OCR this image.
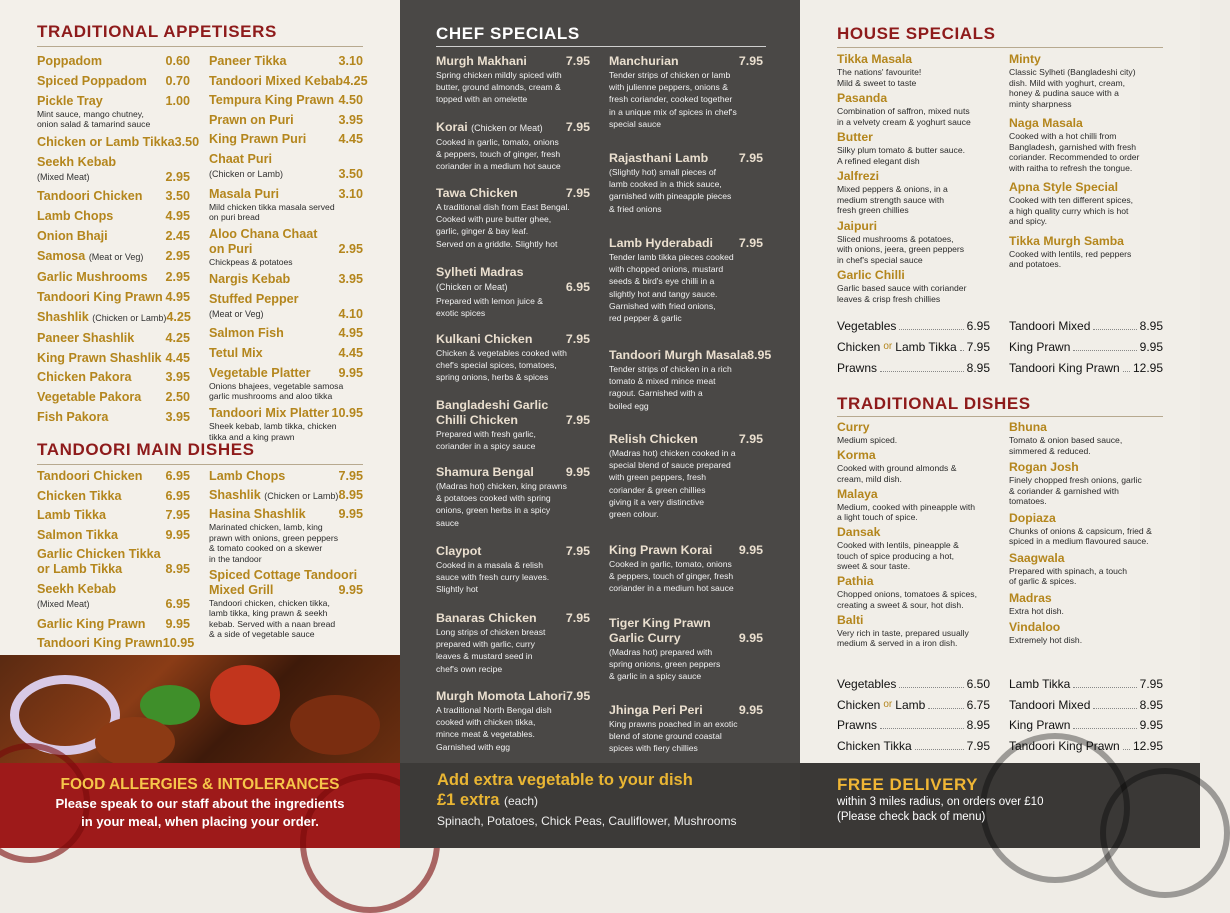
TRADITIONAL APPETISERS
Poppadom	0.60
Spiced Poppadom 0.70
Pickle Tray	1.00
Mint sauce, mango chutney,
onion salad & tamarind sauce
Chicken or Lamb Tikka 3.50
Seekh Kebab
(Mixed Meat)	2.95
Tandoori Chicken 3.50
Lamb Chops	4.95
Onion Bhaji	2.45
Samosa (Meat or Veg) 2.95
Garlic Mushrooms 2.95
Tandoori King Prawn 4.95
Shashlik (Chicken or Lamb) 4.25
Paneer Shashlik 4.25
King Prawn Shashlik 4.45
Chicken Pakora	3.95
Vegetable Pakora 2.50
Fish Pakora	3.95
Paneer Tikka	3.10
Tandoori Mixed Kebab 4.25
Tempura King Prawn 4.50
Prawn on Puri	3.95
King Prawn Puri	4.45
Chaat Puri
(Chicken or Lamb)	3.50
Masala Puri	3.10
Mild chicken tikka masala served
on puri bread
Aloo Chana Chaat
on Puri	2.95
Chickpeas & potatoes
Nargis Kebab	3.95
Stuffed Pepper
(Meat or Veg)	4.10
Salmon Fish	4.95
Tetul Mix	4.45
Vegetable Platter 9.95
Onions bhajees, vegetable samosa
garlic mushrooms and aloo tikka
Tandoori Mix Platter 10.95
Sheek kebab, lamb tikka, chicken
tikka and a king prawn
TANDOORI MAIN DISHES
Tandoori Chicken 6.95
Chicken Tikka	6.95
Lamb Tikka	7.95
Salmon Tikka	9.95
Garlic Chicken Tikka
or Lamb Tikka	8.95
Seekh Kebab
(Mixed Meat)	6.95
Garlic King Prawn 9.95
Tandoori King Prawn 10.95
Lamb Chops	7.95
Shashlik (Chicken or Lamb) 8.95
Hasina Shashlik	9.95
Marinated chicken, lamb, king
prawn with onions, green peppers
& tomato cooked on a skewer
in the tandoor
Spiced Cottage Tandoori
Mixed Grill	9.95
Tandoori chicken, chicken tikka,
lamb tikka, king prawn & seekh
kebab. Served with a naan bread
& a side of vegetable sauce
CHEF SPECIALS
Murgh Makhani	7.95
Spring chicken mildly spiced with
butter, ground almonds, cream &
topped with an omelette
Korai (Chicken or Meat) 7.95
Cooked in garlic, tomato, onions
& peppers, touch of ginger, fresh
coriander in a medium hot sauce
Tawa Chicken	7.95
A traditional dish from East Bengal.
Cooked with pure butter ghee,
garlic, ginger & bay leaf.
Served on a griddle. Slightly hot
Sylheti Madras
(Chicken or Meat)	6.95
Prepared with lemon juice &
exotic spices
Kulkani Chicken	7.95
Chicken & vegetables cooked with
chef's special spices, tomatoes,
spring onions, herbs & spices
Bangladeshi Garlic
Chilli Chicken	7.95
Prepared with fresh garlic,
coriander in a spicy sauce
Shamura Bengal	9.95
(Madras hot) chicken, king prawns
& potatoes cooked with spring
onions, green herbs in a spicy
sauce
Claypot	7.95
Cooked in a masala & relish
sauce with fresh curry leaves.
Slightly hot
Banaras Chicken 7.95
Long strips of chicken breast
prepared with garlic, curry
leaves & mustard seed in
chef's own recipe
Murgh Momota Lahori 7.95
A traditional North Bengal dish
cooked with chicken tikka,
mince meat & vegetables.
Garnished with egg
Manchurian	7.95
Tender strips of chicken or lamb
with julienne peppers, onions &
fresh coriander, cooked together
in a unique mix of spices in chef's
special sauce
Rajasthani Lamb 7.95
(Slightly hot) small pieces of
lamb cooked in a thick sauce,
garnished with pineapple pieces
& fried onions
Lamb Hyderabadi 7.95
Tender lamb tikka pieces cooked
with chopped onions, mustard
seeds & bird's eye chilli in a
slightly hot and tangy sauce.
Garnished with fried onions,
red pepper & garlic
Tandoori Murgh Masala 8.95
Tender strips of chicken in a rich
tomato & mixed mince meat
ragout. Garnished with a
boiled egg
Relish Chicken	7.95
(Madras hot) chicken cooked in a
special blend of sauce prepared
with green peppers, fresh
coriander & green chillies
giving it a very distinctive
green colour.
King Prawn Korai 9.95
Cooked in garlic, tomato, onions
& peppers, touch of ginger, fresh
coriander in a medium hot sauce
Tiger King Prawn
Garlic Curry	9.95
(Madras hot) prepared with
spring onions, green peppers
& garlic in a spicy sauce
Jhinga Peri Peri	9.95
King prawns poached in an exotic
blend of stone ground coastal
spices with fiery chillies
HOUSE SPECIALS
Tikka Masala
The nations' favourite!
Mild & sweet to taste
Pasanda
Combination of saffron, mixed nuts
in a velvety cream & yoghurt sauce
Butter
Silky plum tomato & butter sauce.
A refined elegant dish
Jalfrezi
Mixed peppers & onions, in a
medium strength sauce with
fresh green chillies
Jaipuri
Sliced mushrooms & potatoes,
with onions, jeera, green peppers
in chef's special sauce
Garlic Chilli
Garlic based sauce with coriander
leaves & crisp fresh chillies
Minty
Classic Sylheti (Bangladeshi city)
dish. Mild with yoghurt, cream,
honey & pudina sauce with a
minty sharpness
Naga Masala
Cooked with a hot chilli from
Bangladesh, garnished with fresh
coriander. Recommended to order
with raitha to refresh the tongue.
Apna Style Special
Cooked with ten different spices,
a high quality curry which is hot
and spicy.
Tikka Murgh Samba
Cooked with lentils, red peppers
and potatoes.
Vegetables	6.95
Chicken or Lamb Tikka 7.95
Prawns	8.95
Tandoori Mixed	8.95
King Prawn	9.95
Tandoori King Prawn 12.95
TRADITIONAL DISHES
Curry
Medium spiced.
Korma
Cooked with ground almonds &
cream, mild dish.
Malaya
Medium, cooked with pineapple with
a light touch of spice.
Dansak
Cooked with lentils, pineapple &
touch of spice producing a hot,
sweet & sour taste.
Pathia
Chopped onions, tomatoes & spices,
creating a sweet & sour, hot dish.
Balti
Very rich in taste, prepared usually
medium & served in a iron dish.
Bhuna
Tomato & onion based sauce,
simmered & reduced.
Rogan Josh
Finely chopped fresh onions, garlic
& coriander & garnished with
tomatoes.
Dopiaza
Chunks of onions & capsicum, fried &
spiced in a medium flavoured sauce.
Saagwala
Prepared with spinach, a touch
of garlic & spices.
Madras
Extra hot dish.
Vindaloo
Extremely hot dish.
Vegetables	6.50
Chicken or Lamb	6.75
Prawns	8.95
Chicken Tikka	7.95
Lamb Tikka	7.95
Tandoori Mixed	8.95
King Prawn	9.95
Tandoori King Prawn 12.95
FOOD ALLERGIES & INTOLERANCES
Please speak to our staff about the ingredients
in your meal, when placing your order.
Add extra vegetable to your dish
£1 extra (each)
Spinach, Potatoes, Chick Peas, Cauliflower, Mushrooms
FREE DELIVERY
within 3 miles radius, on orders over £10
(Please check back of menu)
